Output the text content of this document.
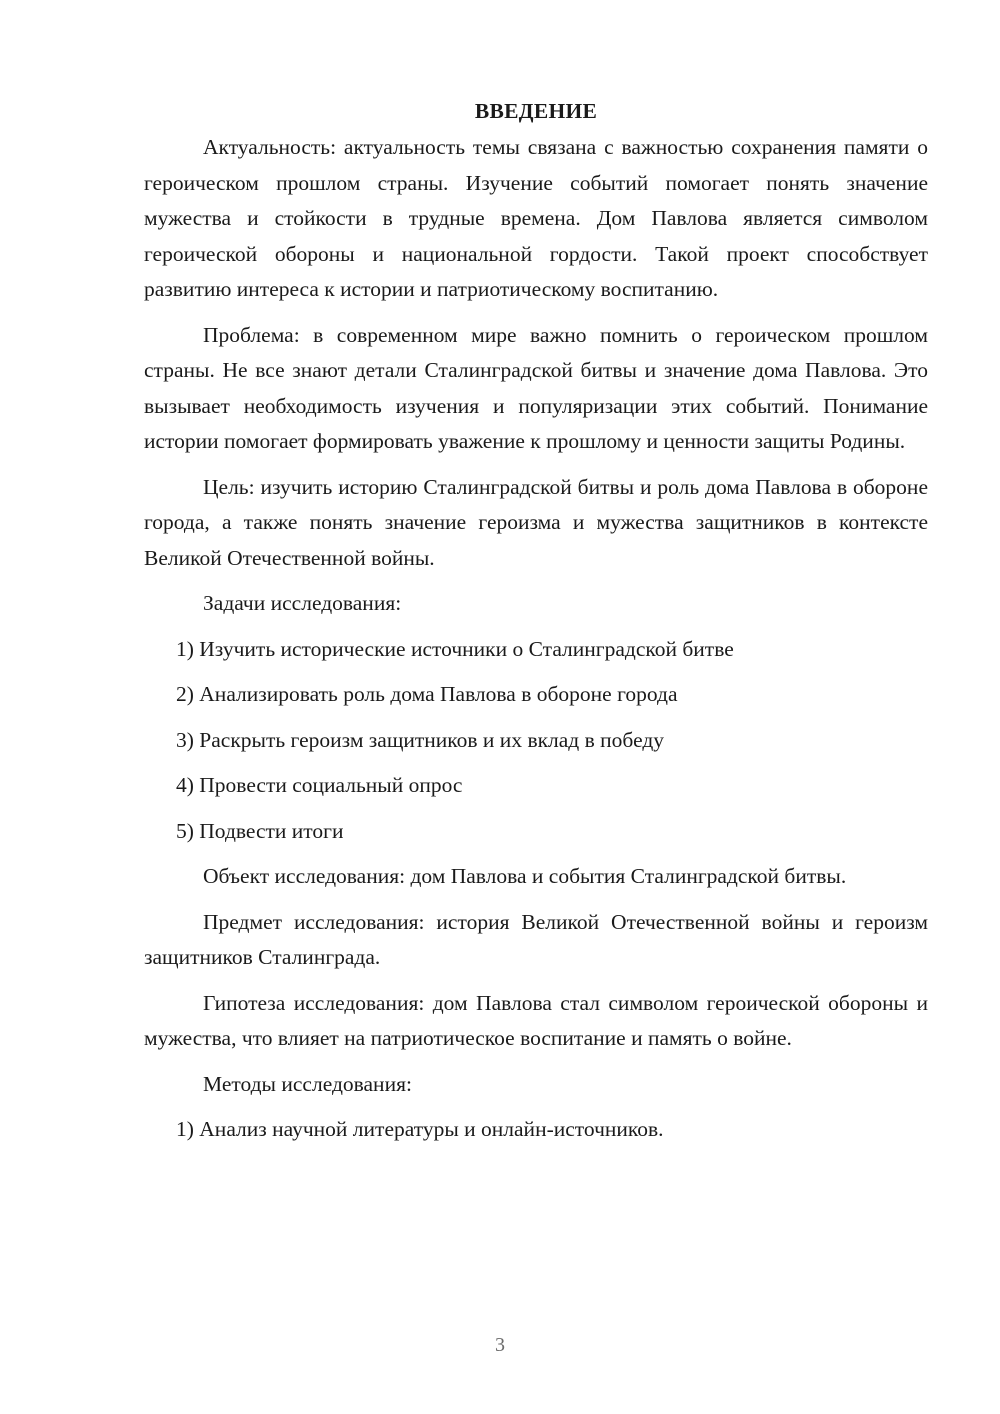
ВВЕДЕНИЕ

Актуальность: актуальность темы связана с важностью сохранения памяти о героическом прошлом страны. Изучение событий помогает понять значение мужества и стойкости в трудные времена. Дом Павлова является символом героической обороны и национальной гордости. Такой проект способствует развитию интереса к истории и патриотическому воспитанию.

Проблема: в современном мире важно помнить о героическом прошлом страны. Не все знают детали Сталинградской битвы и значение дома Павлова. Это вызывает необходимость изучения и популяризации этих событий. Понимание истории помогает формировать уважение к прошлому и ценности защиты Родины.

Цель: изучить историю Сталинградской битвы и роль дома Павлова в обороне города, а также понять значение героизма и мужества защитников в контексте Великой Отечественной войны.

Задачи исследования:

1) Изучить исторические источники о Сталинградской битве

2) Анализировать роль дома Павлова в обороне города

3) Раскрыть героизм защитников и их вклад в победу

4) Провести социальный опрос

5) Подвести итоги

Объект исследования: дом Павлова и события Сталинградской битвы.

Предмет исследования: история Великой Отечественной войны и героизм защитников Сталинграда.

Гипотеза исследования: дом Павлова стал символом героической обороны и мужества, что влияет на патриотическое воспитание и память о войне.

Методы исследования:

1) Анализ научной литературы и онлайн-источников.

3
